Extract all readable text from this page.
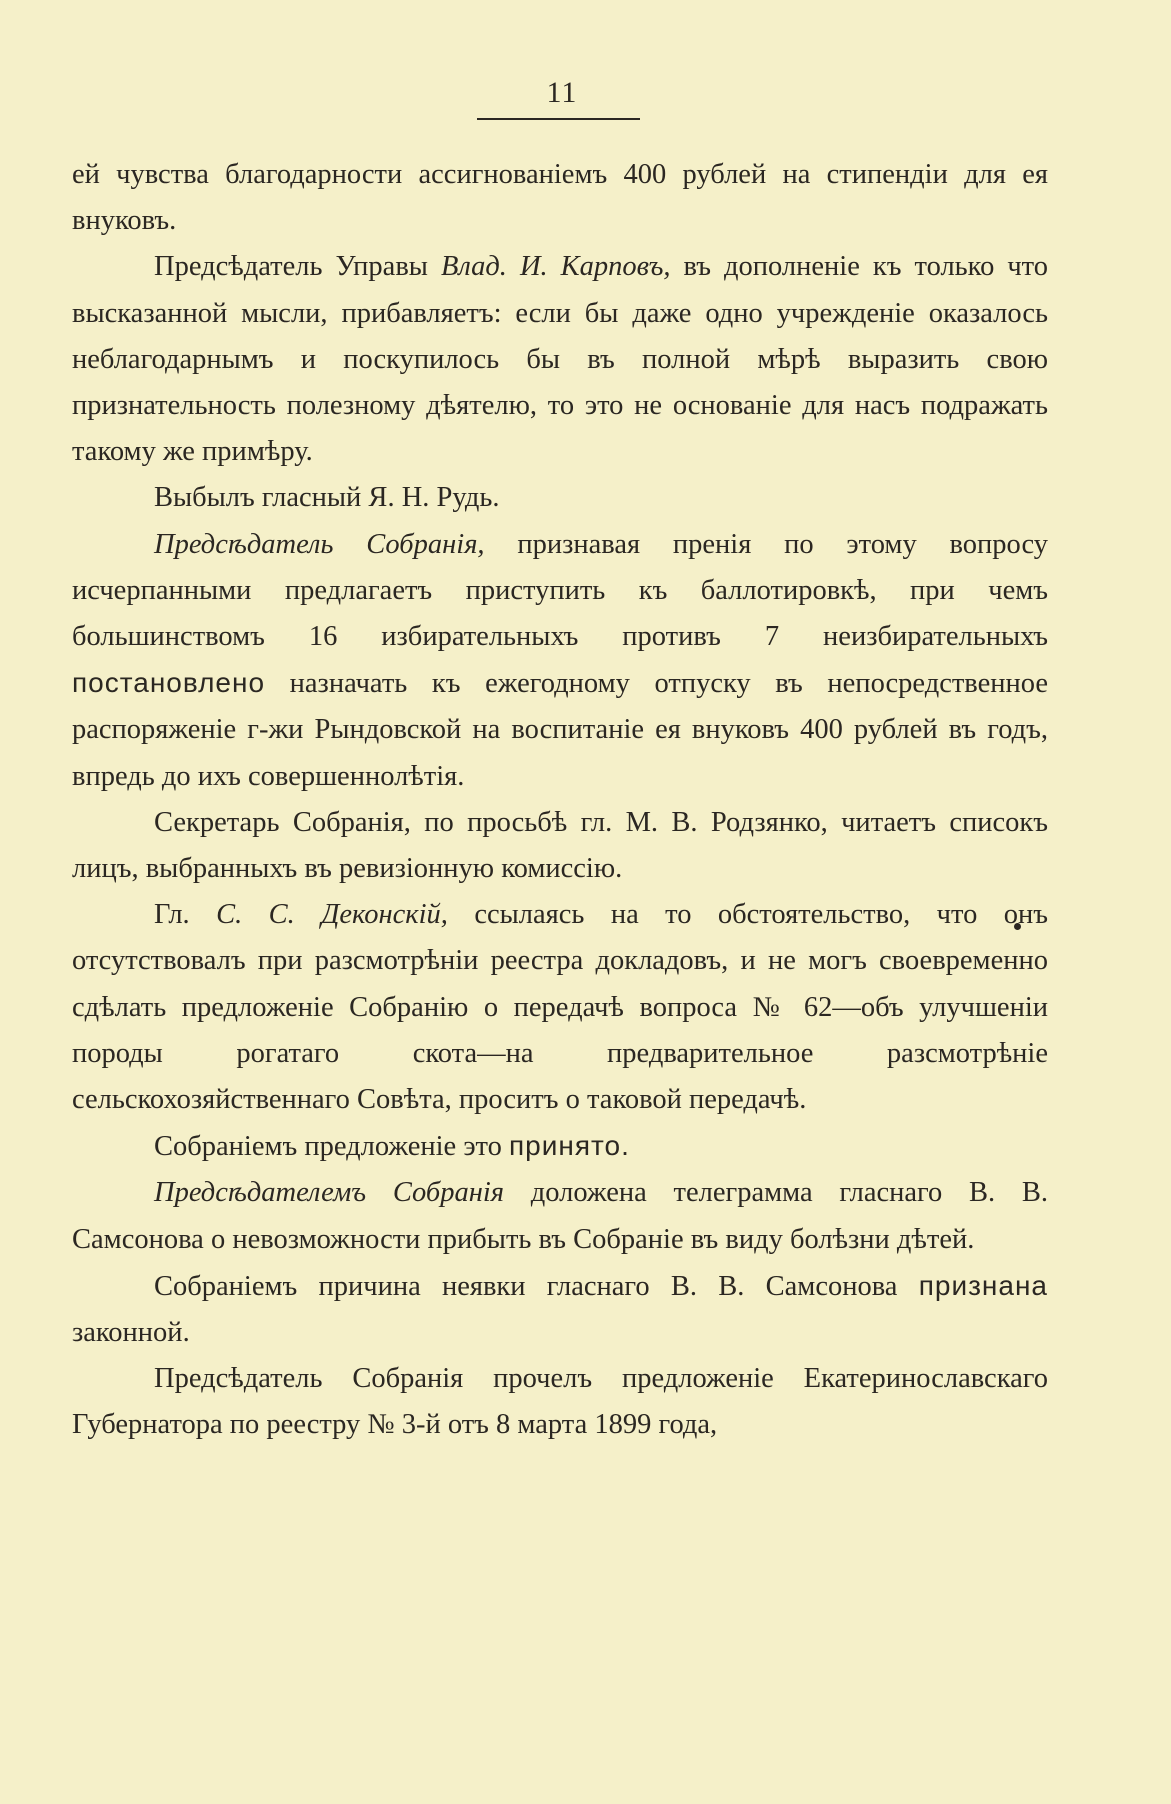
11

ей чувства благодарности ассигнованіемъ 400 рублей на стипендіи для ея внуковъ.

Предсѣдатель Управы Влад. И. Карповъ, въ дополненіе къ только что высказанной мысли, прибавляетъ: если бы даже одно учрежденіе оказалось неблагодарнымъ и поскупилось бы въ полной мѣрѣ выразить свою признательность полезному дѣятелю, то это не основаніе для насъ подражать такому же примѣру.

Выбылъ гласный Я. Н. Рудь.

Предсѣдатель Собранія, признавая пренія по этому вопросу исчерпанными предлагаетъ приступить къ баллотировкѣ, при чемъ большинствомъ 16 избирательныхъ противъ 7 неизбирательныхъ постановлено назначать къ ежегодному отпуску въ непосредственное распоряженіе г-жи Рындовской на воспитаніе ея внуковъ 400 рублей въ годъ, впредь до ихъ совершеннолѣтія.

Секретарь Собранія, по просьбѣ гл. М. В. Родзянко, читаетъ списокъ лицъ, выбранныхъ въ ревизіонную комиссію.

Гл. С. С. Деконскій, ссылаясь на то обстоятельство, что онъ отсутствовалъ при разсмотрѣніи реестра докладовъ, и не могъ своевременно сдѣлать предложеніе Собранію о передачѣ вопроса № 62—объ улучшеніи породы рогатаго скота—на предварительное разсмотрѣніе сельскохозяйственнаго Совѣта, проситъ о таковой передачѣ.

Собраніемъ предложеніе это принято.

Предсѣдателемъ Собранія доложена телеграмма гласнаго В. В. Самсонова о невозможности прибыть въ Собраніе въ виду болѣзни дѣтей.

Собраніемъ причина неявки гласнаго В. В. Самсонова признана законной.

Предсѣдатель Собранія прочелъ предложеніе Екатеринославскаго Губернатора по реестру № 3-й отъ 8 марта 1899 года,
